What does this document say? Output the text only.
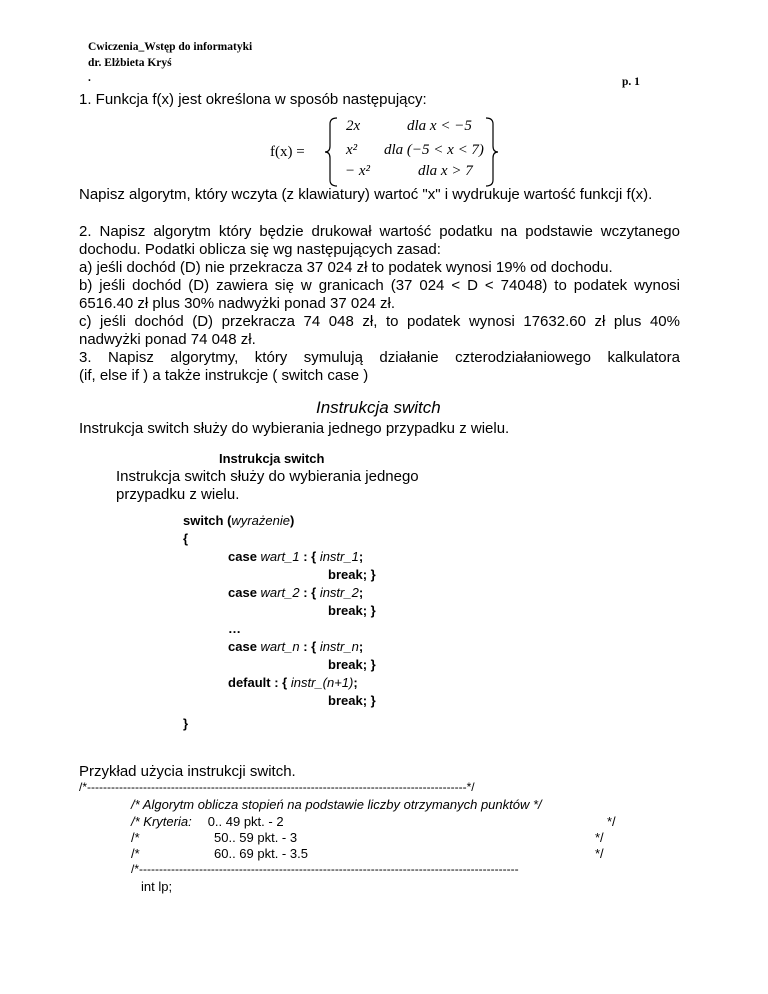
Cwiczenia_Wstęp do informatyki
dr. Elżbieta Kryś
.	p. 1
1. Funkcja f(x) jest określona w sposób następujący:
f(x) =
2x	dla x < −5
x² dla (−5 < x < 7)
− x²	dla x > 7
Napisz algorytm, który wczyta (z klawiatury) wartoć "x" i wydrukuje wartość funkcji f(x).
2. Napisz algorytm który będzie drukował wartość podatku na podstawie wczytanego
dochodu. Podatki oblicza się wg następujących zasad:
a) jeśli dochód (D) nie przekracza 37 024 zł to podatek wynosi 19% od dochodu.
b) jeśli dochód (D) zawiera się w granicach (37 024 < D < 74048) to podatek wynosi
6516.40 zł plus 30% nadwyżki ponad 37 024 zł.
c) jeśli dochód (D) przekracza 74 048 zł, to podatek wynosi 17632.60 zł plus 40%
nadwyżki ponad 74 048 zł.
3. Napisz algorytmy, który symulują działanie czterodziałaniowego kalkulatora
(if, else if ) a także instrukcje ( switch case )
Instrukcja switch
Instrukcja switch służy do wybierania jednego przypadku z wielu.
Instrukcja switch
Instrukcja switch służy do wybierania jednego
przypadku z wielu.
switch (wyrażenie)
{
case wart_1 : { instr_1;
break; }
case wart_2 : { instr_2;
break; }
…
case wart_n : { instr_n;
break; }
default : { instr_(n+1);
break; }
}
Przykład użycia instrukcji switch.
/*-----------------------------------------------------------------------------------------------*/
/* Algorytm oblicza stopień na podstawie liczby otrzymanych punktów */
/* Kryteria: 0.. 49 pkt. - 2	*/
/*	50.. 59 pkt. - 3	*/
/*	60.. 69 pkt. - 3.5	*/
/*-----------------------------------------------------------------------------------------------
int lp;
